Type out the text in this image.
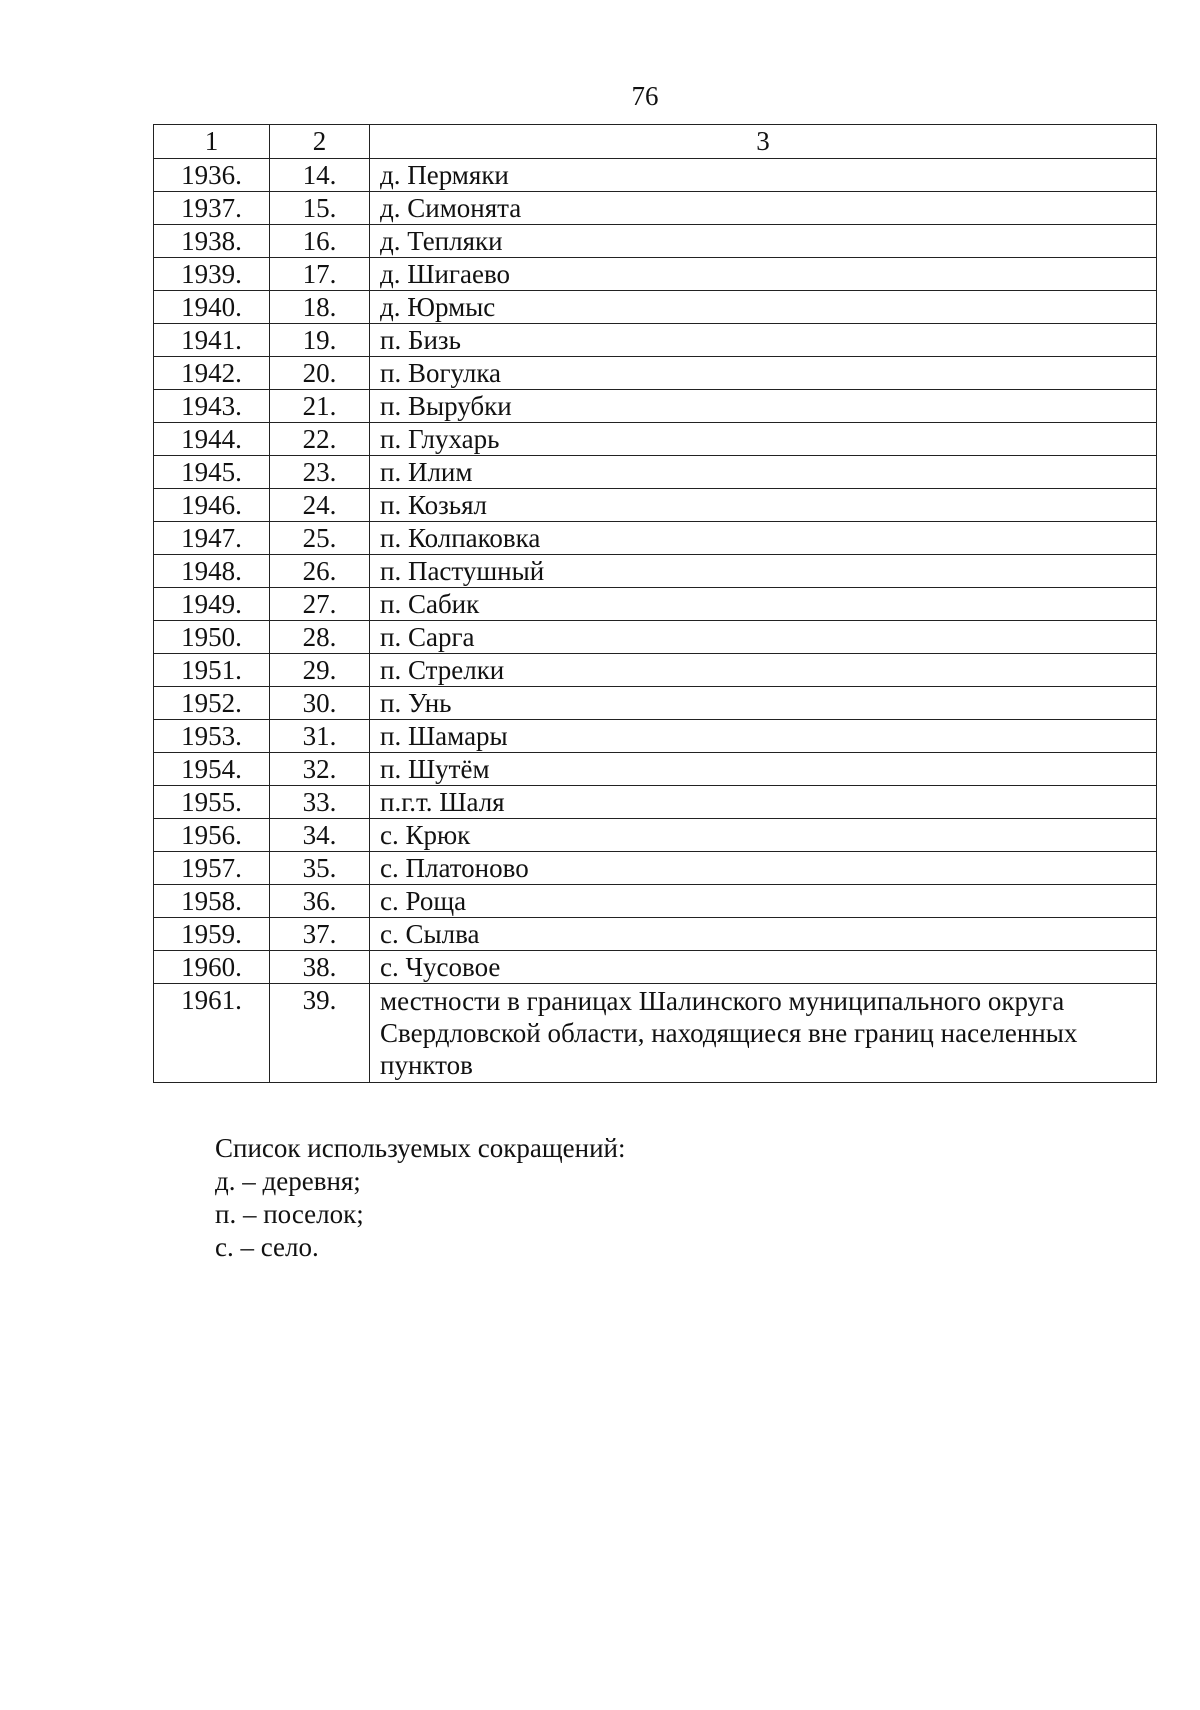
76
1	2	3
1936.	14.	д. Пермяки
1937.	15.	д. Симонята
1938.	16.	д. Тепляки
1939.	17.	д. Шигаево
1940.	18.	д. Юрмыс
1941.	19.	п. Бизь
1942.	20.	п. Вогулка
1943.	21.	п. Вырубки
1944.	22.	п. Глухарь
1945.	23.	п. Илим
1946.	24.	п. Козьял
1947.	25.	п. Колпаковка
1948.	26.	п. Пастушный
1949.	27.	п. Сабик
1950.	28.	п. Сарга
1951.	29.	п. Стрелки
1952.	30.	п. Унь
1953.	31.	п. Шамары
1954.	32.	п. Шутём
1955.	33.	п.г.т. Шаля
1956.	34.	с. Крюк
1957.	35.	с. Платоново
1958.	36.	с. Роща
1959.	37.	с. Сылва
1960.	38.	с. Чусовое
1961.	39.	местности в границах Шалинского муниципального округа Свердловской области, находящиеся вне границ населенных пунктов
Список используемых сокращений:
д. – деревня;
п. – поселок;
с. – село.
